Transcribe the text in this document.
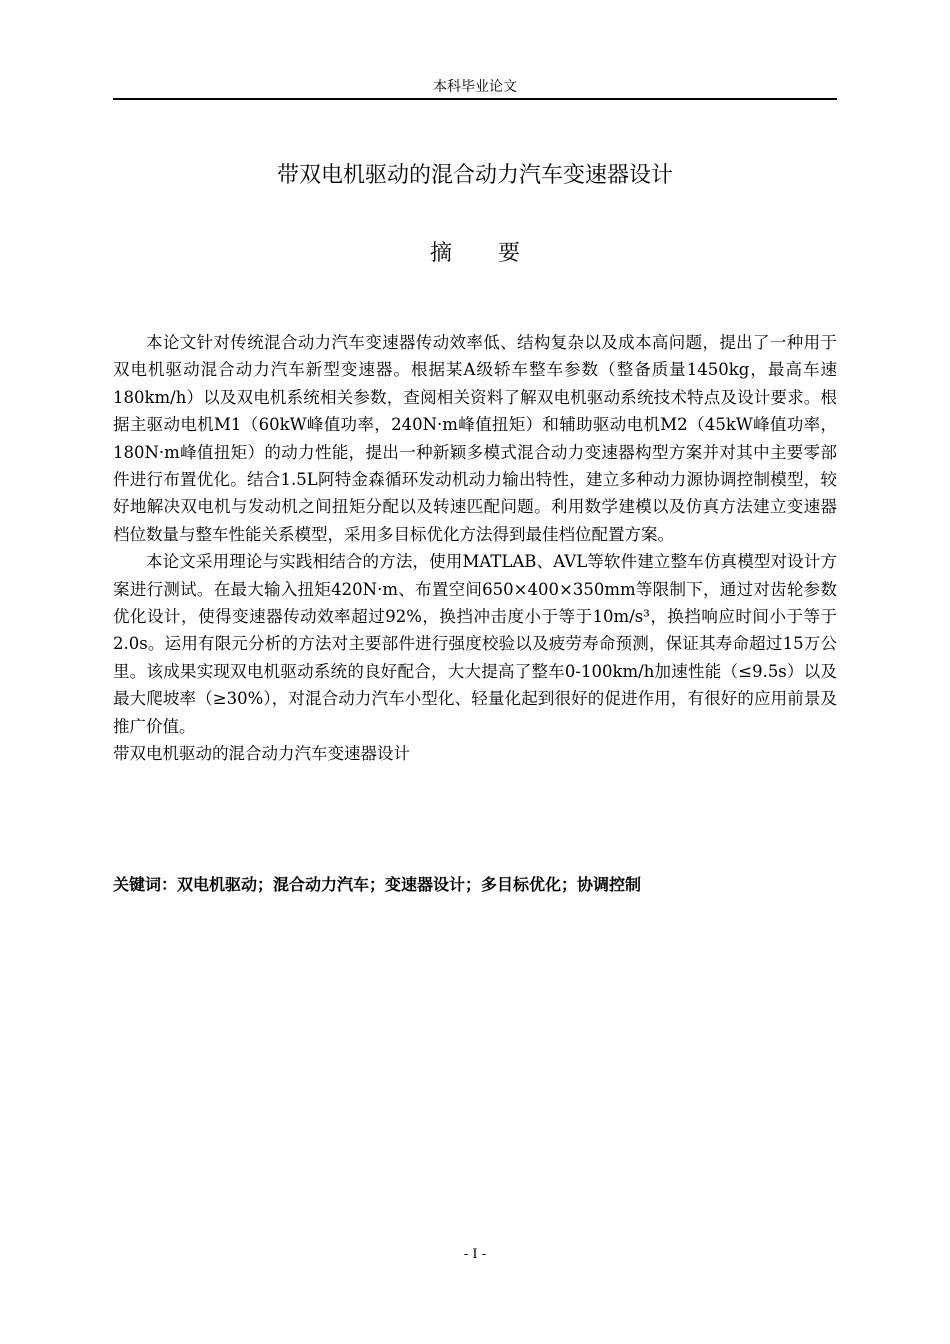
本科毕业论文
带双电机驱动的混合动力汽车变速器设计
摘要

本论文针对传统混合动力汽车变速器传动效率低、结构复杂以及成本高问题，提出了一种用于双电机驱动混合动力汽车新型变速器。根据某A级轿车整车参数（整备质量1450kg，最高车速180km/h）以及双电机系统相关参数，查阅相关资料了解双电机驱动系统技术特点及设计要求。根据主驱动电机M1（60kW峰值功率，240N·m峰值扭矩）和辅助驱动电机M2（45kW峰值功率，180N·m峰值扭矩）的动力性能，提出一种新颖多模式混合动力变速器构型方案并对其中主要零部件进行布置优化。结合1.5L阿特金森循环发动机动力输出特性，建立多种动力源协调控制模型，较好地解决双电机与发动机之间扭矩分配以及转速匹配问题。利用数学建模以及仿真方法建立变速器档位数量与整车性能关系模型，采用多目标优化方法得到最佳档位配置方案。

本论文采用理论与实践相结合的方法，使用MATLAB、AVL等软件建立整车仿真模型对设计方案进行测试。在最大输入扭矩420N·m、布置空间650×400×350mm等限制下，通过对齿轮参数优化设计，使得变速器传动效率超过92%，换挡冲击度小于等于10m/s³，换挡响应时间小于等于2.0s。运用有限元分析的方法对主要部件进行强度校验以及疲劳寿命预测，保证其寿命超过15万公里。该成果实现双电机驱动系统的良好配合，大大提高了整车0-100km/h加速性能（≤9.5s）以及最大爬坡率（≥30%），对混合动力汽车小型化、轻量化起到很好的促进作用，有很好的应用前景及推广价值。

带双电机驱动的混合动力汽车变速器设计

关键词：双电机驱动；混合动力汽车；变速器设计；多目标优化；协调控制
- I -
